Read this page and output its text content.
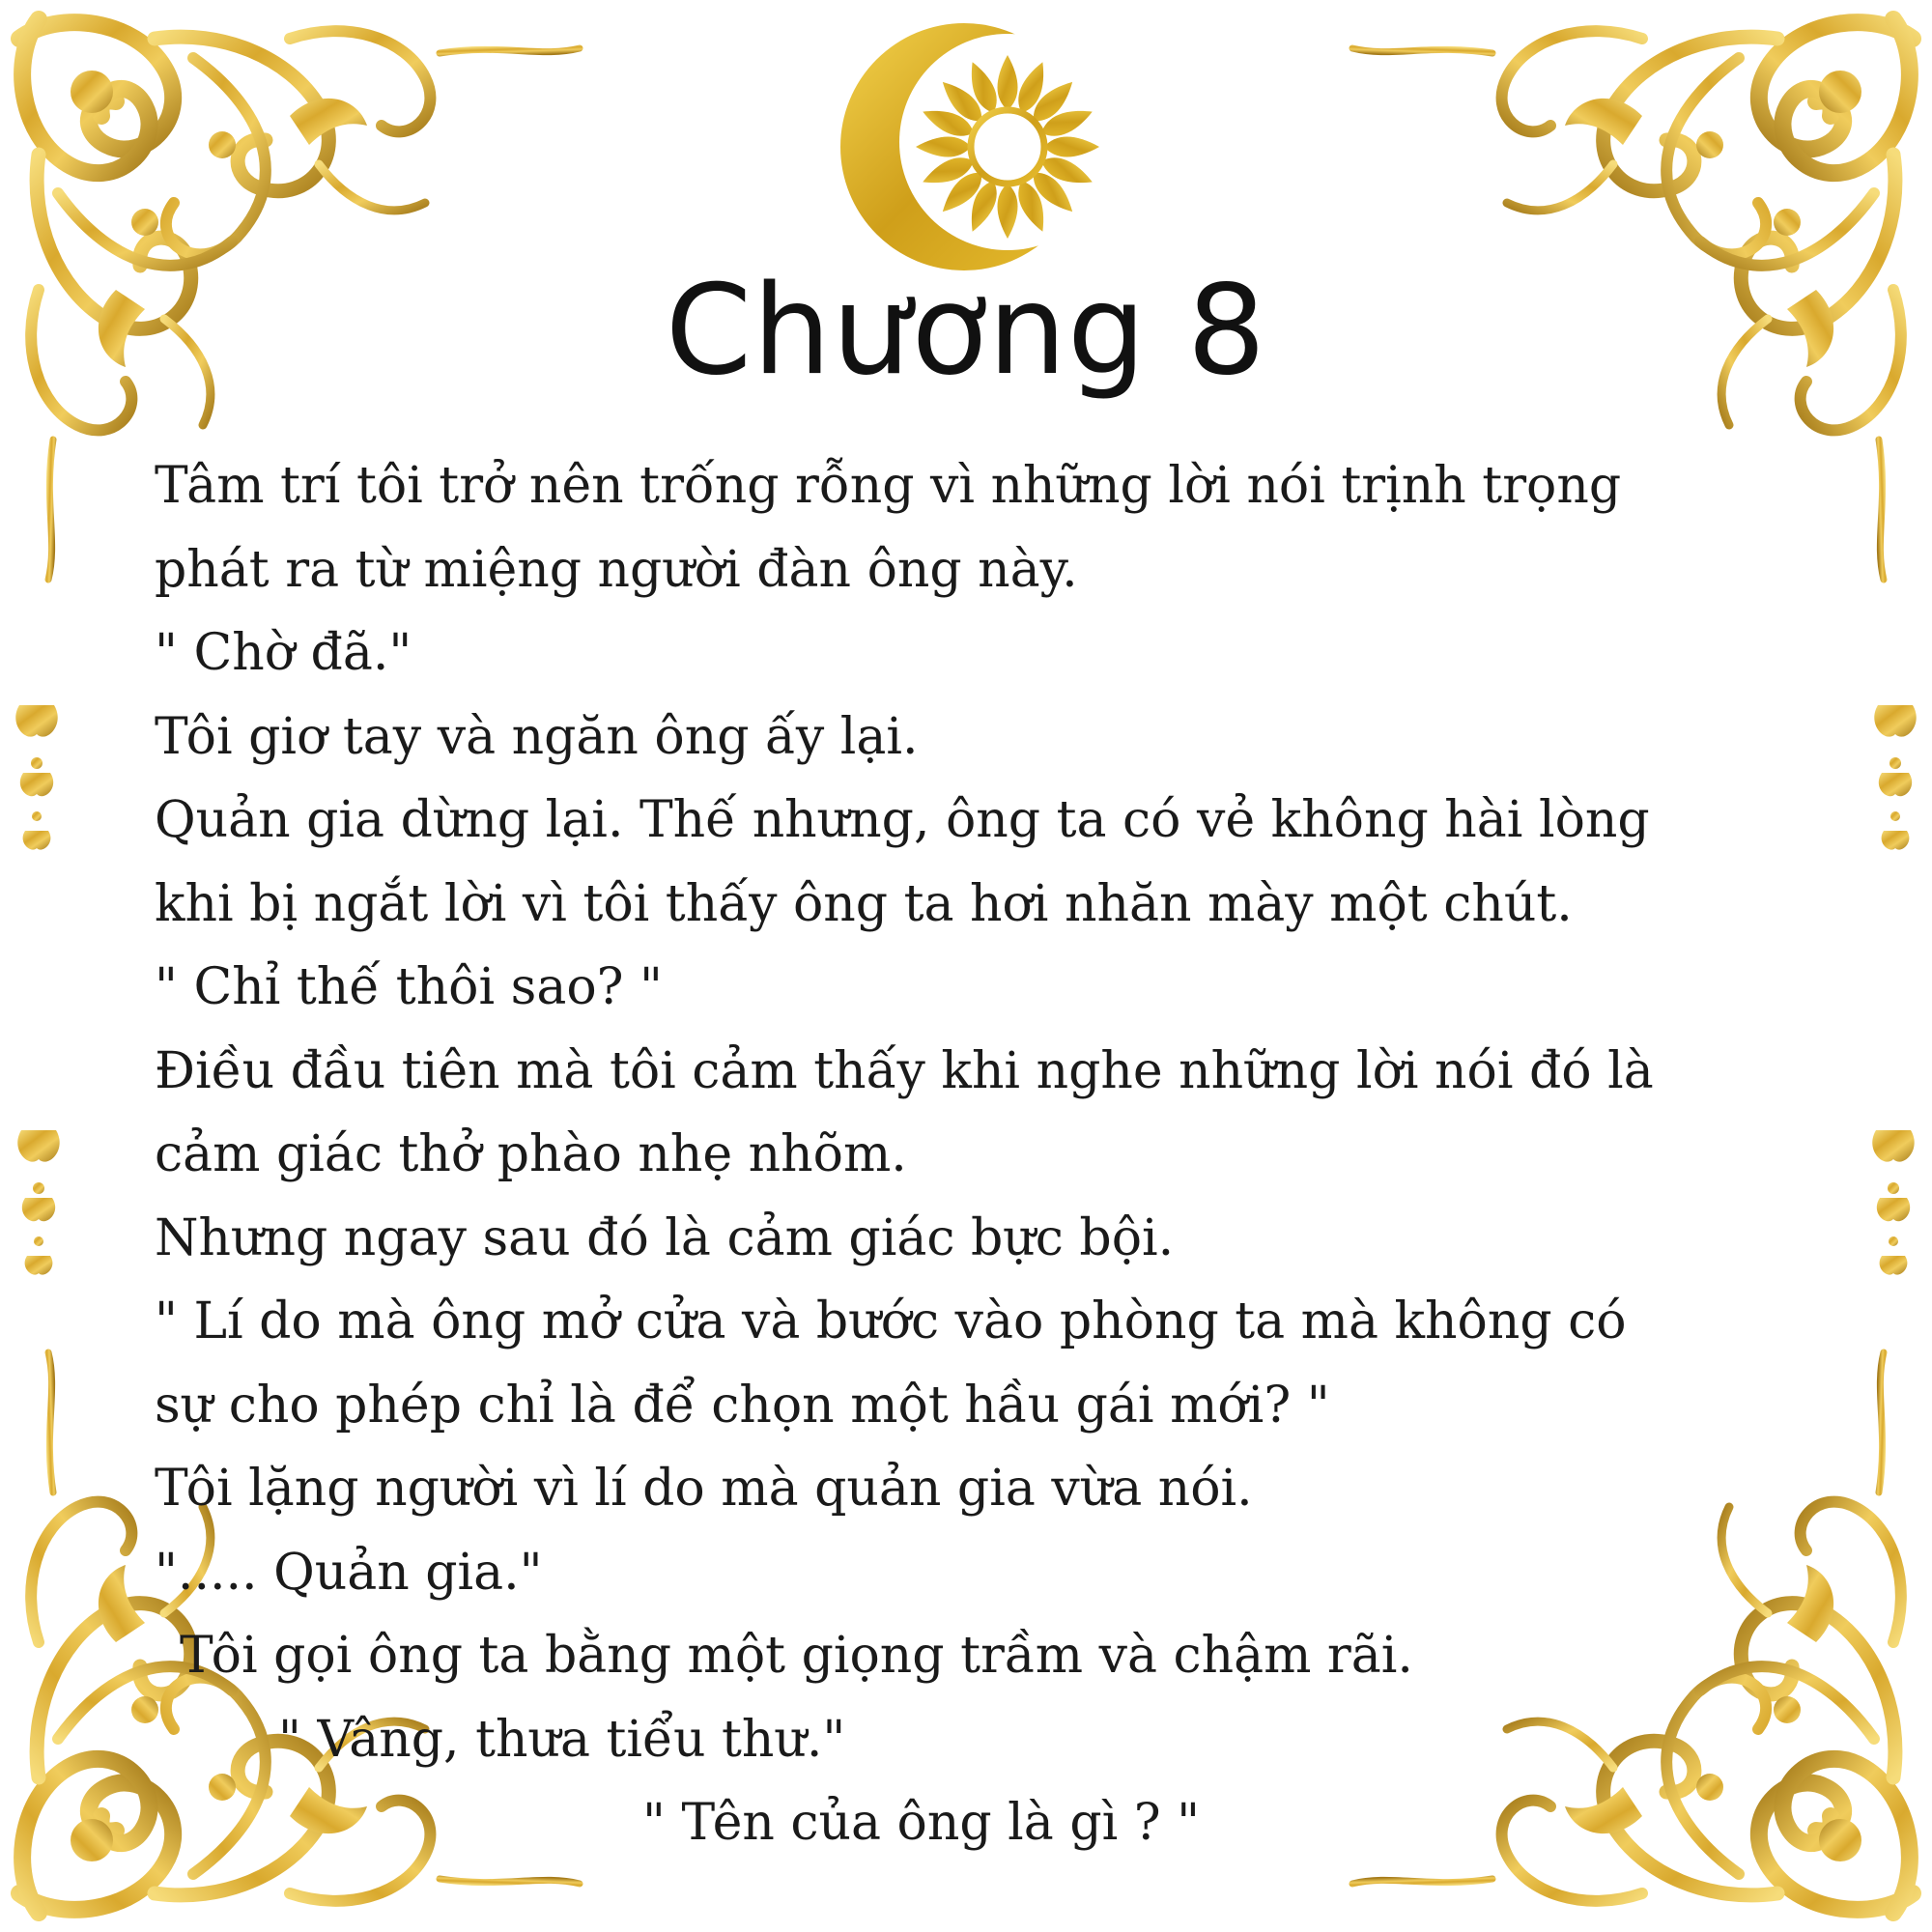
Chương 8
Tâm trí tôi trở nên trống rỗng vì những lời nói trịnh trọng
phát ra từ miệng người đàn ông này.
" Chờ đã."
Tôi giơ tay và ngăn ông ấy lại.
Quản gia dừng lại. Thế nhưng, ông ta có vẻ không hài lòng
khi bị ngắt lời vì tôi thấy ông ta hơi nhăn mày một chút.
" Chỉ thế thôi sao? "
Điều đầu tiên mà tôi cảm thấy khi nghe những lời nói đó là
cảm giác thở phào nhẹ nhõm.
Nhưng ngay sau đó là cảm giác bực bội.
" Lí do mà ông mở cửa và bước vào phòng ta mà không có
sự cho phép chỉ là để chọn một hầu gái mới? "
Tôi lặng người vì lí do mà quản gia vừa nói.
"..... Quản gia."
Tôi gọi ông ta bằng một giọng trầm và chậm rãi.
" Vâng, thưa tiểu thư."
" Tên của ông là gì ? "
